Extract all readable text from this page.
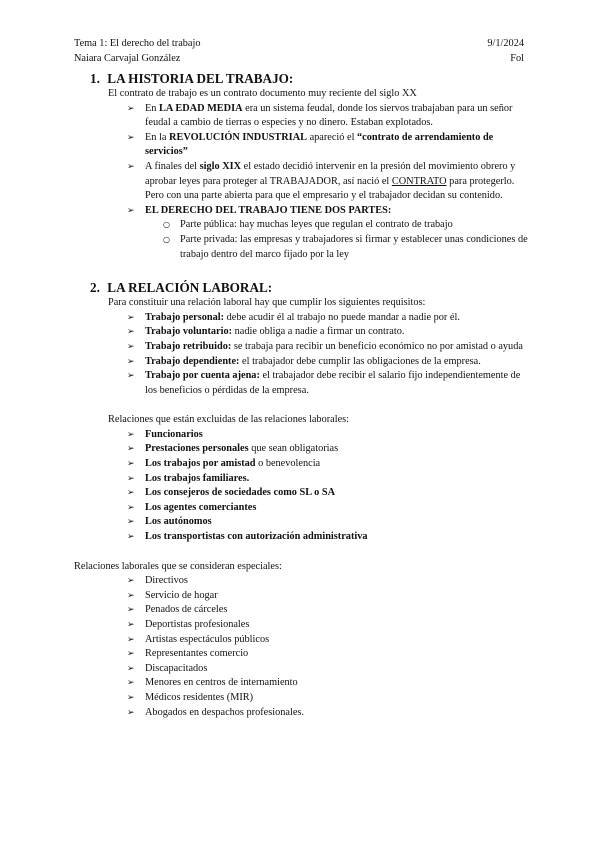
Tema 1: El derecho del trabajo	9/1/2024
Naiara Carvajal González	Fol
1. LA HISTORIA DEL TRABAJO:
El contrato de trabajo es un contrato documento muy reciente del siglo XX
➢ En LA EDAD MEDIA era un sistema feudal, donde los siervos trabajaban para un señor feudal a cambio de tierras o especies y no dinero. Estaban explotados.
➢ En la REVOLUCIÓN INDUSTRIAL apareció el “contrato de arrendamiento de servicios”
➢ A finales del siglo XIX el estado decidió intervenir en la presión del movimiento obrero y aprobar leyes para proteger al TRABAJADOR, así nació el CONTRATO para protegerlo. Pero con una parte abierta para que el empresario y el trabajador decidan su contenido.
➢ EL DERECHO DEL TRABAJO TIENE DOS PARTES:
○ Parte pública: hay muchas leyes que regulan el contrato de trabajo
○ Parte privada: las empresas y trabajadores si firmar y establecer unas condiciones de trabajo dentro del marco fijado por la ley
2. LA RELACIÓN LABORAL:
Para constituir una relación laboral hay que cumplir los siguientes requisitos:
➢ Trabajo personal: debe acudir él al trabajo no puede mandar a nadie por él.
➢ Trabajo voluntario: nadie obliga a nadie a firmar un contrato.
➢ Trabajo retribuido: se trabaja para recibir un beneficio económico no por amistad o ayuda
➢ Trabajo dependiente: el trabajador debe cumplir las obligaciones de la empresa.
➢ Trabajo por cuenta ajena: el trabajador debe recibir el salario fijo independientemente de los beneficios o pérdidas de la empresa.
Relaciones que están excluidas de las relaciones laborales:
➢ Funcionarios
➢ Prestaciones personales que sean obligatorias
➢ Los trabajos por amistad o benevolencia
➢ Los trabajos familiares.
➢ Los consejeros de sociedades como SL o SA
➢ Los agentes comerciantes
➢ Los autónomos
➢ Los transportistas con autorización administrativa
Relaciones laborales que se consideran especiales:
➢ Directivos
➢ Servicio de hogar
➢ Penados de cárceles
➢ Deportistas profesionales
➢ Artistas espectáculos públicos
➢ Representantes comercio
➢ Discapacitados
➢ Menores en centros de internamiento
➢ Médicos residentes (MIR)
➢ Abogados en despachos profesionales.
